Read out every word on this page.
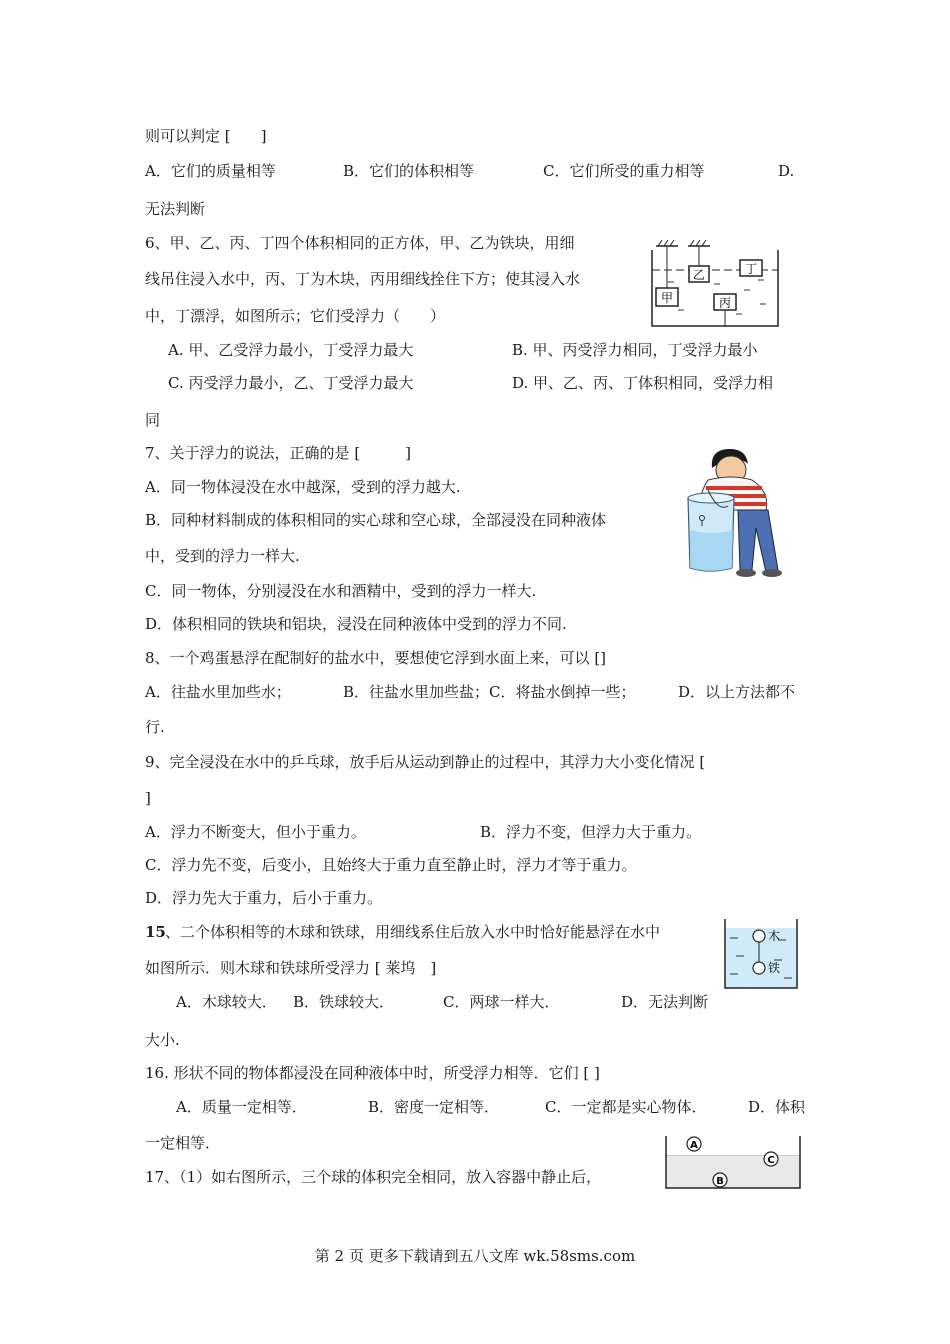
则可以判定 [　　]
A．它们的质量相等	B．它们的体积相等	C．它们所受的重力相等	D.
无法判断
6、甲、乙、丙、丁四个体积相同的正方体，甲、乙为铁块，用细
线吊住浸入水中，丙、丁为木块，丙用细线拴住下方；使其浸入水
中，丁漂浮，如图所示；它们受浮力（　　）
A. 甲、乙受浮力最小，丁受浮力最大	B. 甲、丙受浮力相同，丁受浮力最小
C. 丙受浮力最小，乙、丁受浮力最大	D. 甲、乙、丙、丁体积相同，受浮力相
同
甲
乙
丙
丁
7、关于浮力的说法，正确的是 [　　　]
A．同一物体浸没在水中越深，受到的浮力越大.
B．同种材料制成的体积相同的实心球和空心球，全部浸没在同种液体
中，受到的浮力一样大.
C．同一物体，分别浸没在水和酒精中，受到的浮力一样大.
D．体积相同的铁块和铝块，浸没在同种液体中受到的浮力不同.
8、一个鸡蛋悬浮在配制好的盐水中，要想使它浮到水面上来，可以 []
A．往盐水里加些水；	B．往盐水里加些盐；C．将盐水倒掉一些；	D．以上方法都不
行.
9、完全浸没在水中的乒乓球，放手后从运动到静止的过程中，其浮力大小变化情况 [
]
A．浮力不断变大，但小于重力。	B．浮力不变，但浮力大于重力。
C．浮力先不变，后变小，且始终大于重力直至静止时，浮力才等于重力。
D．浮力先大于重力，后小于重力。
15 、二个体积相等的木球和铁球，用细线系住后放入水中时恰好能悬浮在水中
如图所示．则木球和铁球所受浮力 [ 莱坞　]
A．木球较大． B．铁球较大．	C．两球一样大．	D．无法判断
大小.
木
铁
16. 形状不同的物体都浸没在同种液体中时，所受浮力相等．它们 [ ]
A．质量一定相等．	B．密度一定相等．	C．一定都是实心物体．	D．体积
一定相等．
17、（1）如右图所示，三个球的体积完全相同，放入容器中静止后，
A
B
C
第 2 页 更多下载请到五八文库 wk.58sms.com
